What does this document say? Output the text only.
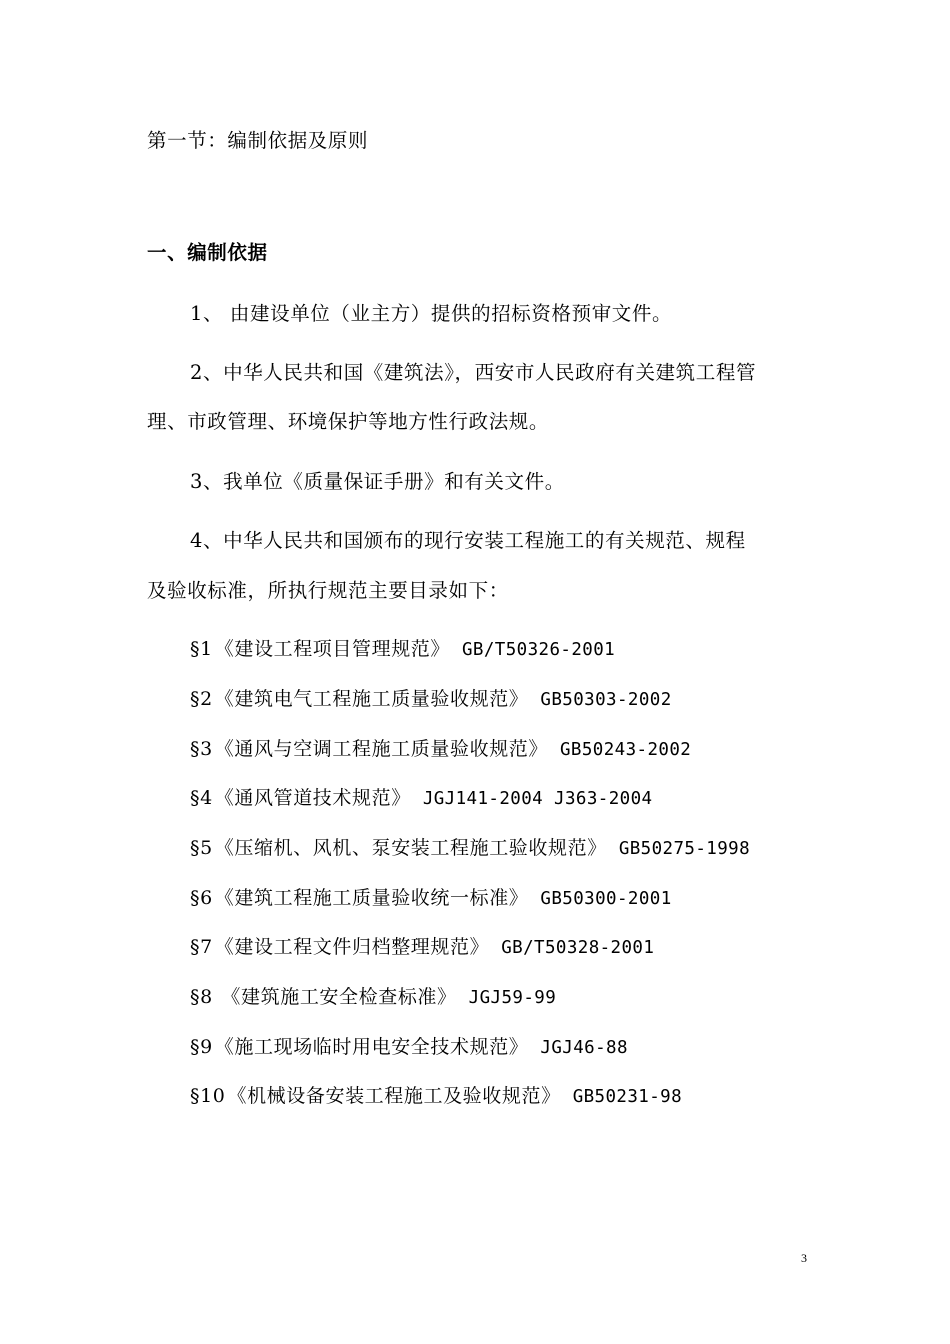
第一节：编制依据及原则
一、编制依据
1、 由建设单位（业主方）提供的招标资格预审文件。
2、中华人民共和国《建筑法》，西安市人民政府有关建筑工程管
理、市政管理、环境保护等地方性行政法规。
3、我单位《质量保证手册》和有关文件。
4、中华人民共和国颁布的现行安装工程施工的有关规范、规程
及验收标准，所执行规范主要目录如下：
§1 《建设工程项目管理规范》 GB/T50326-2001
§2 《建筑电气工程施工质量验收规范》 GB50303-2002
§3 《通风与空调工程施工质量验收规范》 GB50243-2002
§4 《通风管道技术规范》 JGJ141-2004 J363-2004
§5 《压缩机、风机、泵安装工程施工验收规范》 GB50275-1998
§6 《建筑工程施工质量验收统一标准》 GB50300-2001
§7 《建设工程文件归档整理规范》 GB/T50328-2001
§8 《建筑施工安全检查标准》 JGJ59-99
§9 《施工现场临时用电安全技术规范》 JGJ46-88
§10 《机械设备安装工程施工及验收规范》 GB50231-98
3
